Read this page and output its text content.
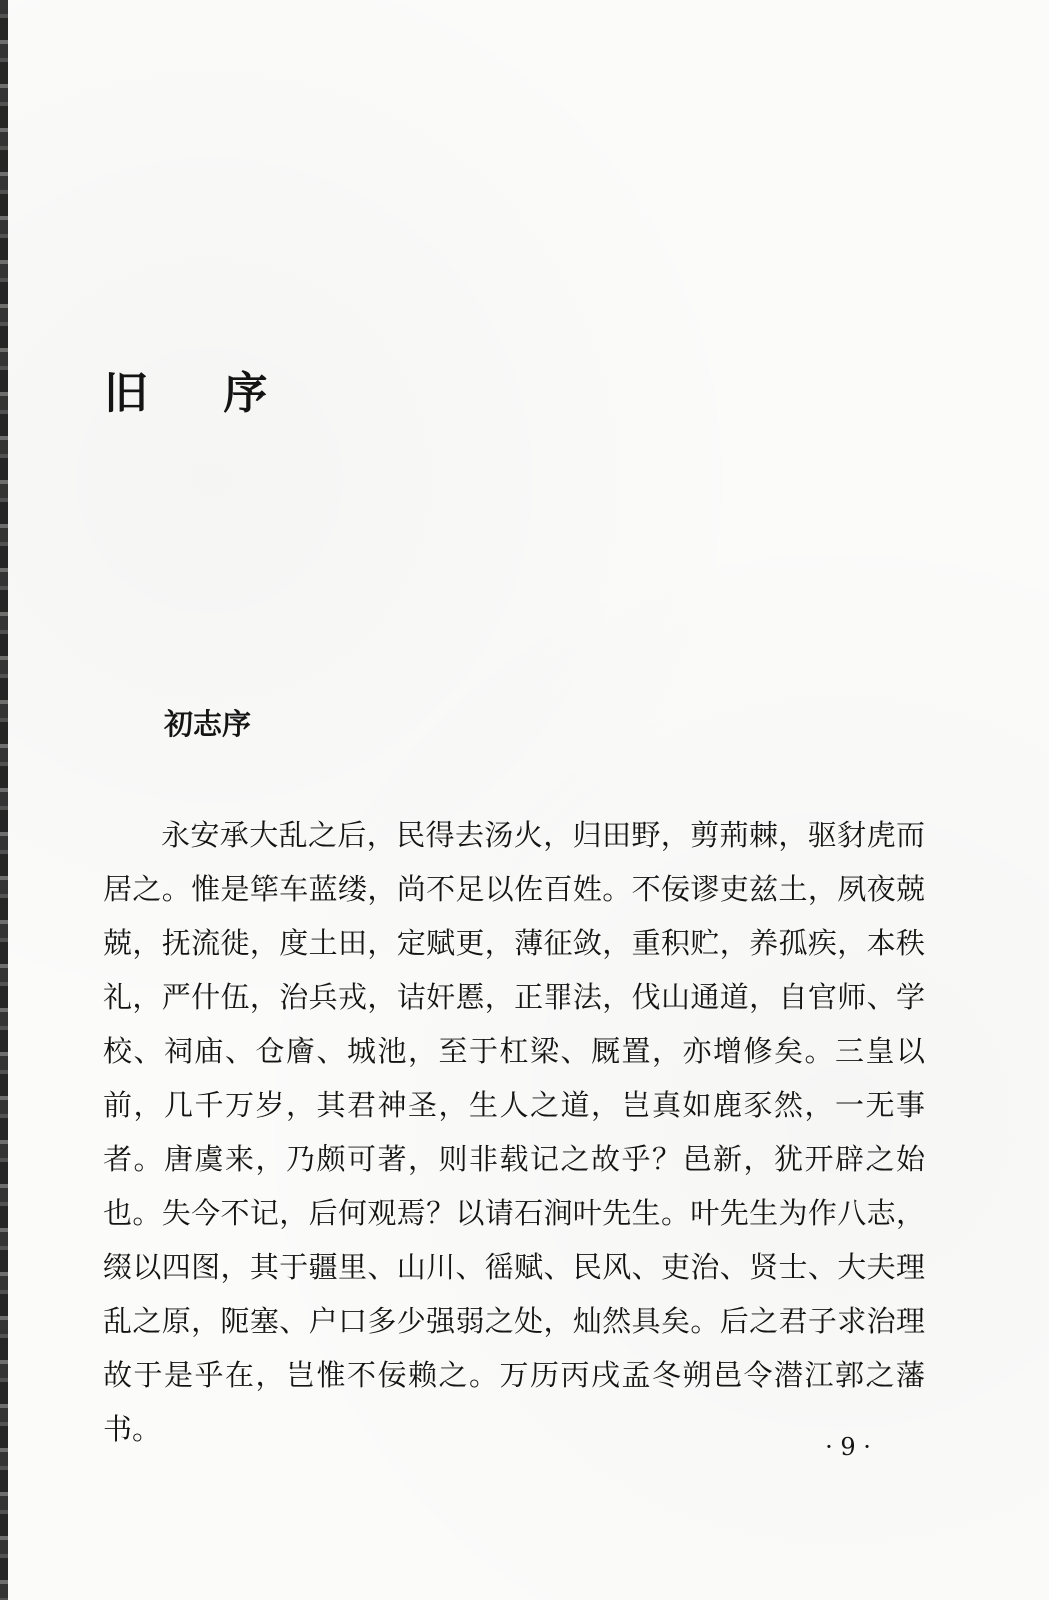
旧 序
初志序

永安承大乱之后，民得去汤火，归田野，剪荊棘，驱豺虎而居之。惟是筚车蓝缕，尚不足以佐百姓。不佞谬吏兹土，夙夜兢兢，抚流徙，度土田，定赋更，薄征敛，重积贮，养孤疾，本秩礼，严什伍，治兵戎，诘奸慝，正罪法，伐山通道，自官师、学校、祠庙、仓廥、城池，至于杠梁、厩置，亦增修矣。三皇以前，几千万岁，其君神圣，生人之道，岂真如鹿豕然，一无事者。唐虞来，乃颇可著，则非载记之故乎？邑新，犹开辟之始也。失今不记，后何观焉？以请石涧叶先生。叶先生为作八志，缀以四图，其于疆里、山川、徭赋、民风、吏治、贤士、大夫理乱之原，阨塞、户口多少强弱之处，灿然具矣。后之君子求治理故于是乎在，岂惟不佞赖之。万历丙戌孟冬朔邑令潜江郭之藩书。

· 9 ·
